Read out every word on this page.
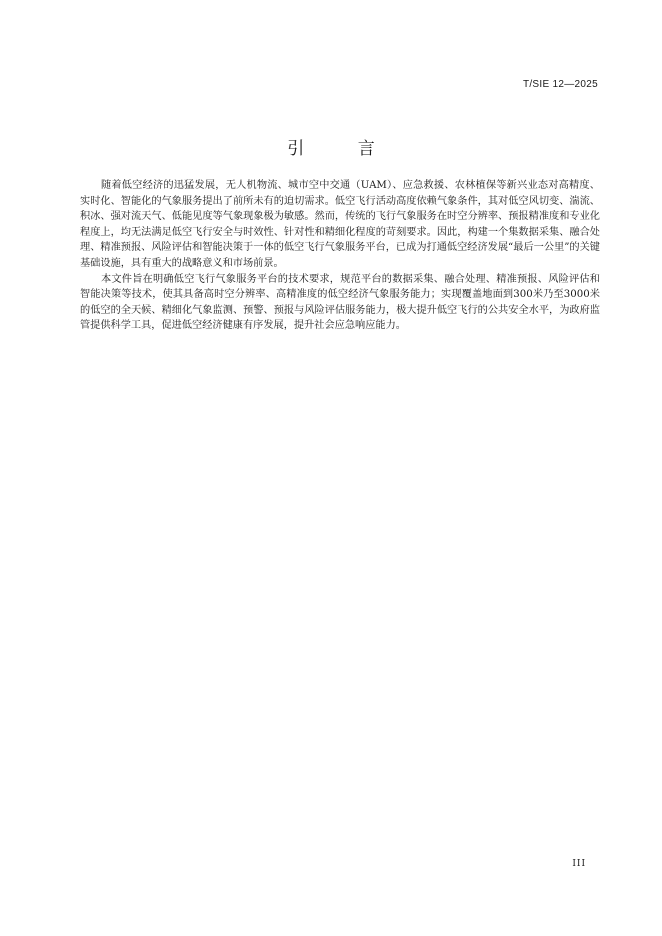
T/SIE 12—2025
引 言

随着低空经济的迅猛发展，无人机物流、城市空中交通（UAM）、应急救援、农林植保等新兴业态对高精度、实时化、智能化的气象服务提出了前所未有的迫切需求。低空飞行活动高度依赖气象条件，其对低空风切变、湍流、积冰、强对流天气、低能见度等气象现象极为敏感。然而，传统的飞行气象服务在时空分辨率、预报精准度和专业化程度上，均无法满足低空飞行安全与时效性、针对性和精细化程度的苛刻要求。因此，构建一个集数据采集、融合处理、精准预报、风险评估和智能决策于一体的低空飞行气象服务平台，已成为打通低空经济发展“最后一公里”的关键基础设施，具有重大的战略意义和市场前景。

本文件旨在明确低空飞行气象服务平台的技术要求，规范平台的数据采集、融合处理、精准预报、风险评估和智能决策等技术，使其具备高时空分辨率、高精准度的低空经济气象服务能力；实现覆盖地面到300米乃至3000米的低空的全天候、精细化气象监测、预警、预报与风险评估服务能力，极大提升低空飞行的公共安全水平，为政府监管提供科学工具，促进低空经济健康有序发展，提升社会应急响应能力。

III
